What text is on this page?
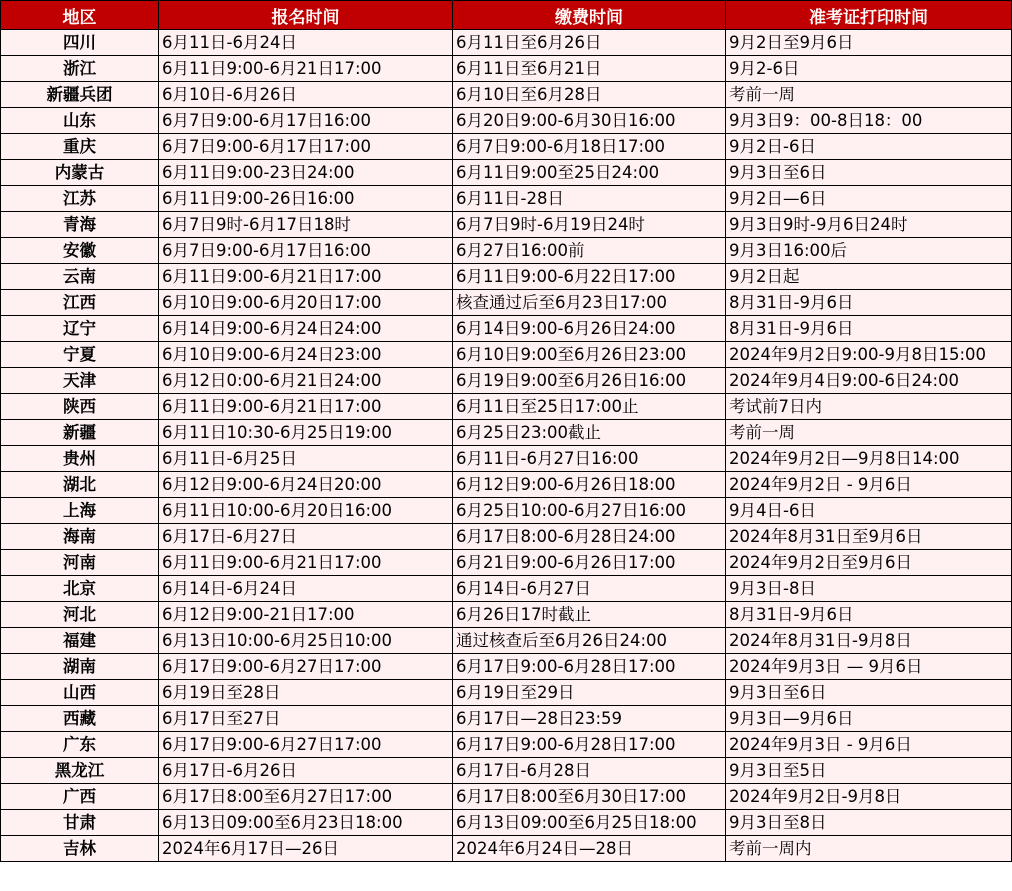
地区	报名时间	缴费时间	准考证打印时间
四川	6月11日-6月24日	6月11日至6月26日	9月2日至9月6日
浙江	6月11日9:00-6月21日17:00	6月11日至6月21日	9月2-6日
新疆兵团	6月10日-6月26日	6月10日至6月28日	考前一周
山东	6月7日9:00-6月17日16:00	6月20日9:00-6月30日16:00	9月3日9：00-8日18：00
重庆	6月7日9:00-6月17日17:00	6月7日9:00-6月18日17:00	9月2日-6日
内蒙古	6月11日9:00-23日24:00	6月11日9:00至25日24:00	9月3日至6日
江苏	6月11日9:00-26日16:00	6月11日-28日	9月2日—6日
青海	6月7日9时-6月17日18时	6月7日9时-6月19日24时	9月3日9时-9月6日24时
安徽	6月7日9:00-6月17日16:00	6月27日16:00前	9月3日16:00后
云南	6月11日9:00-6月21日17:00	6月11日9:00-6月22日17:00	9月2日起
江西	6月10日9:00-6月20日17:00	核查通过后至6月23日17:00	8月31日-9月6日
辽宁	6月14日9:00-6月24日24:00	6月14日9:00-6月26日24:00	8月31日-9月6日
宁夏	6月10日9:00-6月24日23:00	6月10日9:00至6月26日23:00	2024年9月2日9:00-9月8日15:00
天津	6月12日0:00-6月21日24:00	6月19日9:00至6月26日16:00	2024年9月4日9:00-6日24:00
陕西	6月11日9:00-6月21日17:00	6月11日至25日17:00止	考试前7日内
新疆	6月11日10:30-6月25日19:00	6月25日23:00截止	考前一周
贵州	6月11日-6月25日	6月11日-6月27日16:00	2024年9月2日—9月8日14:00
湖北	6月12日9:00-6月24日20:00	6月12日9:00-6月26日18:00	2024年9月2日 - 9月6日
上海	6月11日10:00-6月20日16:00	6月25日10:00-6月27日16:00	9月4日-6日
海南	6月17日-6月27日	6月17日8:00-6月28日24:00	2024年8月31日至9月6日
河南	6月11日9:00-6月21日17:00	6月21日9:00-6月26日17:00	2024年9月2日至9月6日
北京	6月14日-6月24日	6月14日-6月27日	9月3日-8日
河北	6月12日9:00-21日17:00	6月26日17时截止	8月31日-9月6日
福建	6月13日10:00-6月25日10:00	通过核查后至6月26日24:00	2024年8月31日-9月8日
湖南	6月17日9:00-6月27日17:00	6月17日9:00-6月28日17:00	2024年9月3日 — 9月6日
山西	6月19日至28日	6月19日至29日	9月3日至6日
西藏	6月17日至27日	6月17日—28日23:59	9月3日—9月6日
广东	6月17日9:00-6月27日17:00	6月17日9:00-6月28日17:00	2024年9月3日 - 9月6日
黑龙江	6月17日-6月26日	6月17日-6月28日	9月3日至5日
广西	6月17日8:00至6月27日17:00	6月17日8:00至6月30日17:00	2024年9月2日-9月8日
甘肃	6月13日09:00至6月23日18:00	6月13日09:00至6月25日18:00	9月3日至8日
吉林	2024年6月17日—26日	2024年6月24日—28日	考前一周内
